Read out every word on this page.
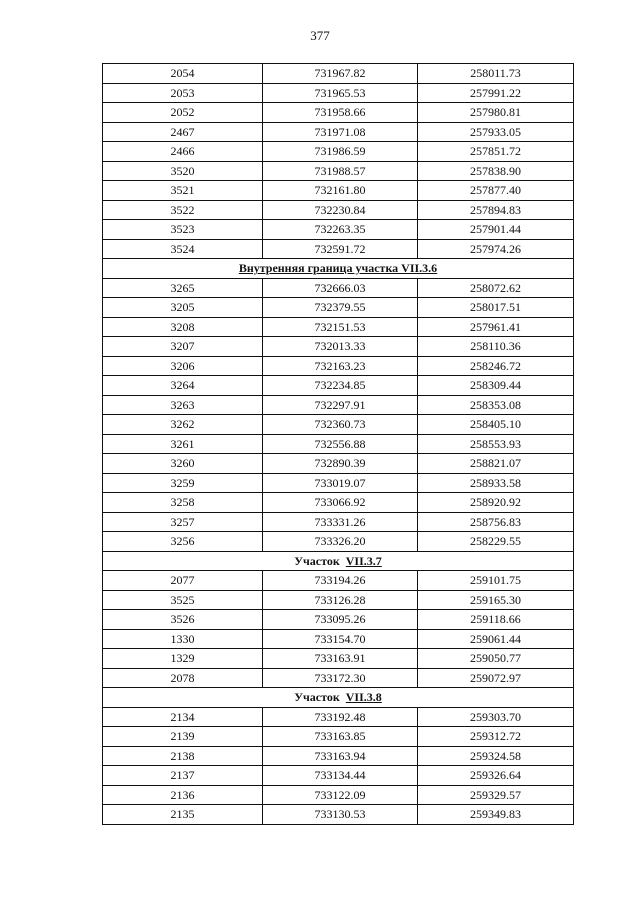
377
2054	731967.82	258011.73
2053	731965.53	257991.22
2052	731958.66	257980.81
2467	731971.08	257933.05
2466	731986.59	257851.72
3520	731988.57	257838.90
3521	732161.80	257877.40
3522	732230.84	257894.83
3523	732263.35	257901.44
3524	732591.72	257974.26
Внутренняя граница участка VII.3.6		
3265	732666.03	258072.62
3205	732379.55	258017.51
3208	732151.53	257961.41
3207	732013.33	258110.36
3206	732163.23	258246.72
3264	732234.85	258309.44
3263	732297.91	258353.08
3262	732360.73	258405.10
3261	732556.88	258553.93
3260	732890.39	258821.07
3259	733019.07	258933.58
3258	733066.92	258920.92
3257	733331.26	258756.83
3256	733326.20	258229.55
Участок VII.3.7		
2077	733194.26	259101.75
3525	733126.28	259165.30
3526	733095.26	259118.66
1330	733154.70	259061.44
1329	733163.91	259050.77
2078	733172.30	259072.97
Участок VII.3.8		
2134	733192.48	259303.70
2139	733163.85	259312.72
2138	733163.94	259324.58
2137	733134.44	259326.64
2136	733122.09	259329.57
2135	733130.53	259349.83
